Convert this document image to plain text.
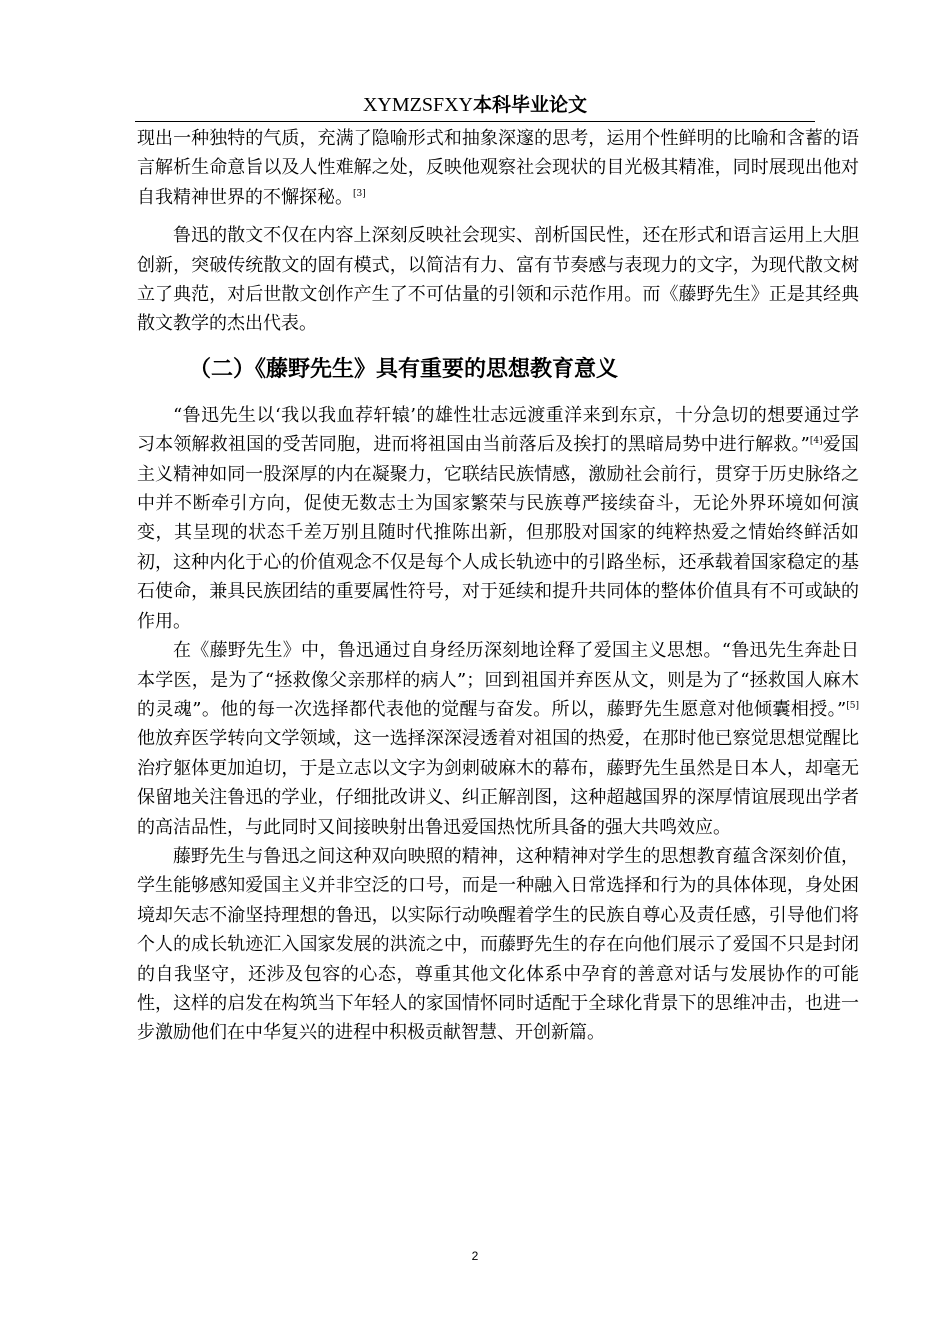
XYMZSFXY本科毕业论文

现出一种独特的气质，充满了隐喻形式和抽象深邃的思考，运用个性鲜明的比喻和含蓄的语言解析生命意旨以及人性难解之处，反映他观察社会现状的目光极其精准，同时展现出他对自我精神世界的不懈探秘。[3]

鲁迅的散文不仅在内容上深刻反映社会现实、剖析国民性，还在形式和语言运用上大胆创新，突破传统散文的固有模式，以简洁有力、富有节奏感与表现力的文字，为现代散文树立了典范，对后世散文创作产生了不可估量的引领和示范作用。而《藤野先生》正是其经典散文教学的杰出代表。

（二）《藤野先生》具有重要的思想教育意义

“鲁迅先生以‘我以我血荐轩辕’的雄性壮志远渡重洋来到东京，十分急切的想要通过学习本领解救祖国的受苦同胞，进而将祖国由当前落后及挨打的黑暗局势中进行解救。”[4]爱国主义精神如同一股深厚的内在凝聚力，它联结民族情感，激励社会前行，贯穿于历史脉络之中并不断牵引方向，促使无数志士为国家繁荣与民族尊严接续奋斗，无论外界环境如何演变，其呈现的状态千差万别且随时代推陈出新，但那股对国家的纯粹热爱之情始终鲜活如初，这种内化于心的价值观念不仅是每个人成长轨迹中的引路坐标，还承载着国家稳定的基石使命，兼具民族团结的重要属性符号，对于延续和提升共同体的整体价值具有不可或缺的作用。

在《藤野先生》中，鲁迅通过自身经历深刻地诠释了爱国主义思想。“鲁迅先生奔赴日本学医，是为了“拯救像父亲那样的病人”；回到祖国并弃医从文，则是为了“拯救国人麻木的灵魂”。他的每一次选择都代表他的觉醒与奋发。所以，藤野先生愿意对他倾囊相授。”[5]他放弃医学转向文学领域，这一选择深深浸透着对祖国的热爱，在那时他已察觉思想觉醒比治疗躯体更加迫切，于是立志以文字为剑刺破麻木的幕布，藤野先生虽然是日本人，却毫无保留地关注鲁迅的学业，仔细批改讲义、纠正解剖图，这种超越国界的深厚情谊展现出学者的高洁品性，与此同时又间接映射出鲁迅爱国热忱所具备的强大共鸣效应。

藤野先生与鲁迅之间这种双向映照的精神，这种精神对学生的思想教育蕴含深刻价值，学生能够感知爱国主义并非空泛的口号，而是一种融入日常选择和行为的具体体现，身处困境却矢志不渝坚持理想的鲁迅，以实际行动唤醒着学生的民族自尊心及责任感，引导他们将个人的成长轨迹汇入国家发展的洪流之中，而藤野先生的存在向他们展示了爱国不只是封闭的自我坚守，还涉及包容的心态，尊重其他文化体系中孕育的善意对话与发展协作的可能性，这样的启发在构筑当下年轻人的家国情怀同时适配于全球化背景下的思维冲击，也进一步激励他们在中华复兴的进程中积极贡献智慧、开创新篇。

2
